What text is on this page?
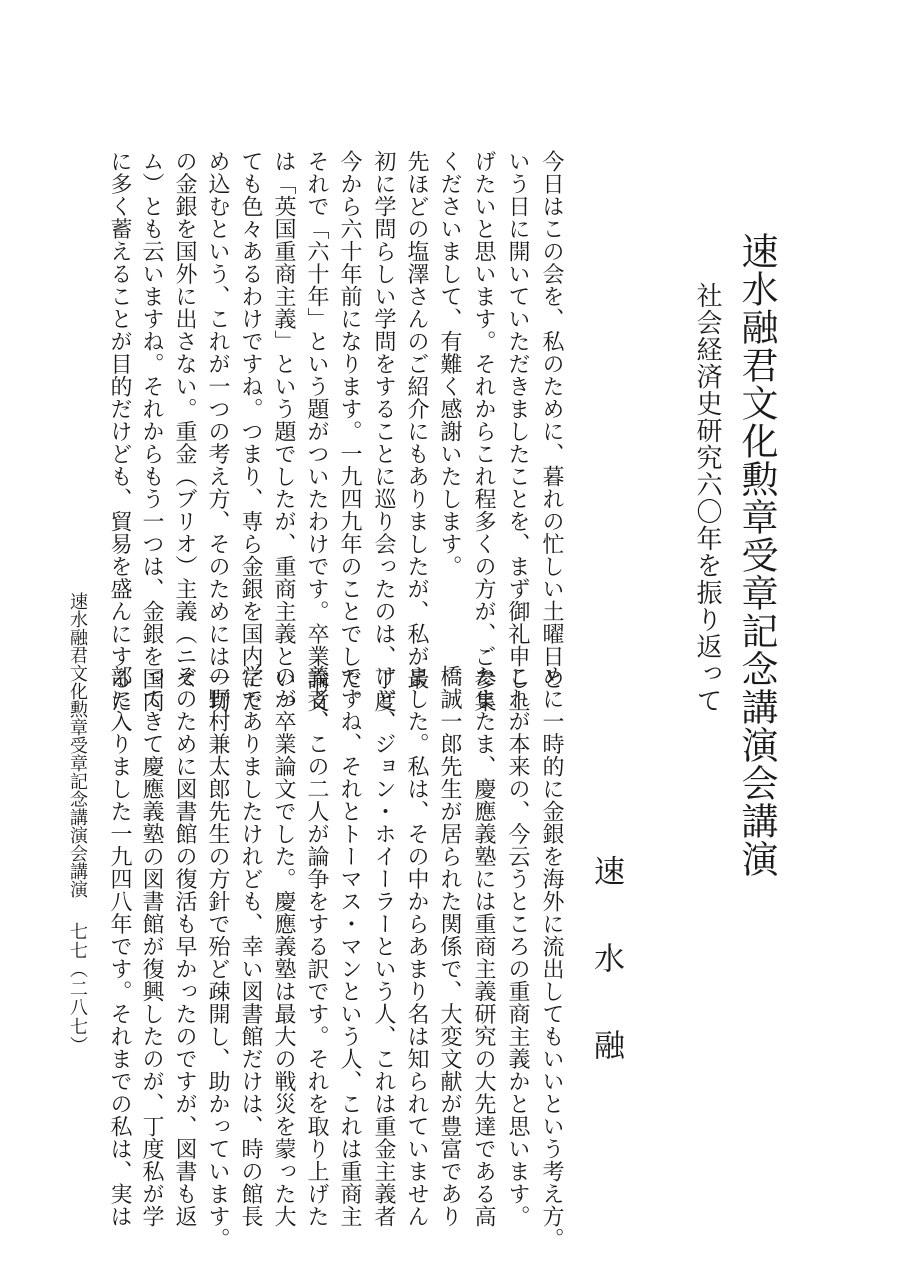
速水融君文化勲章受章記念講演会講演
社会経済史研究六〇年を振り返って
速水融
今日はこの会を、私のために、暮れの忙しい土曜日と
いう日に開いていただきましたことを、まず御礼申し上
げたいと思います。それからこれ程多くの方が、ご参集
くださいまして、有難く感謝いたします。
先ほどの塩澤さんのご紹介にもありましたが、私が最
初に学問らしい学問をすることに巡り会ったのは、丁度
今から六十年前になります。一九四九年のことでした。
それで「六十年」という題がついたわけです。卒業論文
は「英国重商主義」という題でしたが、重商主義といっ
ても色々あるわけですね。つまり、専ら金銀を国内にた
め込むという、これが一つの考え方、そのためには一切
の金銀を国外に出さない。重金（ブリオ）主義（ニズ
ム）とも云いますね。それからもう一つは、金銀を国内
に多く蓄えることが目的だけども、貿易を盛んにするた
めに一時的に金銀を海外に流出してもいいという考え方。
これが本来の、今云うところの重商主義かと思います。
たまたま、慶應義塾には重商主義研究の大先達である高
橋誠一郎先生が居られた関係で、大変文献が豊富であり
ました。私は、その中からあまり名は知られていません
けど、ジョン・ホイーラーという人、これは重金主義者
ですね、それとトーマス・マンという人、これは重商主
義者、この二人が論争をする訳です。それを取り上げた
のが卒業論文でした。慶應義塾は最大の戦災を蒙った大
学でありましたけれども、幸い図書館だけは、時の館長
の野村兼太郎先生の方針で殆ど疎開し、助かっています。
そのために図書館の復活も早かったのですが、図書も返
ってきて慶應義塾の図書館が復興したのが、丁度私が学
部に入りました一九四八年です。それまでの私は、実は
速水融君文化勲章受章記念講演会講演
七七（二八七）
